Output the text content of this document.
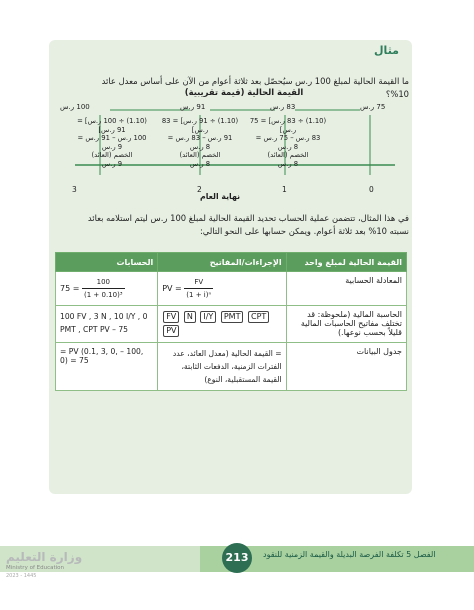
مثال
ما القيمة الحالية لمبلغ 100 ر.س سيُحصّل بعد ثلاثة أعوام من الآن على أساس معدل عائد 10%؟
القيمة الحالية (قيمة تقريبية)
100 ر.س	91 ر.س	83 ر.س	75 ر.س
(1.10) ÷ 100 ر.س] = 91 ر.س]
100 ر.س – 91 ر.س =
9 ر.س
الخصم (العائد)
9 ر.س
(1.10) ÷ 91 ر.س] = 83 ر.س]
91 ر.س – 83 ر.س =
8 ر.س
الخصم (العائد)
8 ر.س
(1.10) ÷ 83 ر.س] = 75 ر.س]
83 ر.س – 75 ر.س =
8 ر.س
الخصم (العائد)
8 ر.س
3	2	1	0
نهاية العام
في هذا المثال، تتضمن عملية الحساب تحديد القيمة الحالية لمبلغ 100 ر.س ليتم استلامه بعائد نسبته 10% بعد ثلاثة أعوام. ويمكن حسابها على النحو التالي:
القيمة الحالية لمبلغ واحد	الإجراءات/المفاتيح	الحسابات
المعادلة الحسابية	PV = $\frac{FV}{\text{(1 + i)ⁿ}}$	$75 = \frac{100}{\text{(1 + 0.10)³}}$

الحاسبة المالية (ملحوظة: قد تختلف مفاتيح الحاسبات المالية قليلاً بحسب نوعها.)	FV N I/Y PMT CPT PV	100 FV , 3 N , 10 I/Y , 0 PMT , CPT PV – 75
جدول البيانات	= القيمة الحالية (معدل العائد، عدد الفترات الزمنية، الدفعات الثابتة، القيمة المستقبلية، النوع)	= PV (0.1, 3, 0, – 100, 0) = 75
213	الفصل 5 تكلفة الفرصة البديلة والقيمة الزمنية للنقود
وزارة التعليم
Ministry of Education
2023 - 1445
